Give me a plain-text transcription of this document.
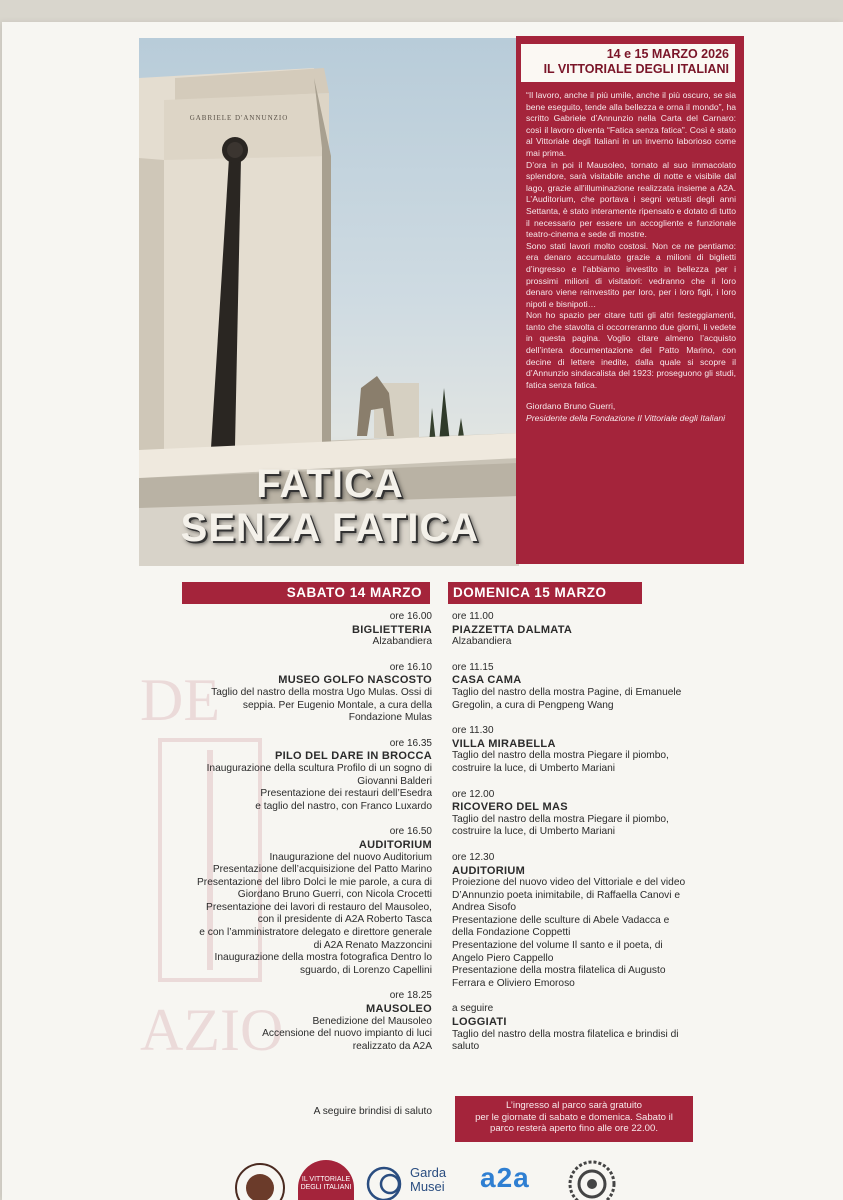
GABRIELE D'ANNUNZIO
FATICA
SENZA FATICA
14 e 15 MARZO 2026
IL VITTORIALE DEGLI ITALIANI

“Il lavoro, anche il più umile, anche il più oscuro, se sia bene eseguito, tende alla bellezza e orna il mondo”, ha scritto Gabriele d’Annunzio nella Carta del Carnaro: così il lavoro diventa “Fatica senza fatica”. Così è stato al Vittoriale degli Italiani in un inverno laborioso come mai prima.

D’ora in poi il Mausoleo, tornato al suo immacolato splendore, sarà visitabile anche di notte e visibile dal lago, grazie all’illuminazione realizzata insieme a A2A. L’Auditorium, che portava i segni vetusti degli anni Settanta, è stato interamente ripensato e dotato di tutto il necessario per essere un accogliente e funzionale teatro-cinema e sede di mostre.

Sono stati lavori molto costosi. Non ce ne pentiamo: era denaro accumulato grazie a milioni di biglietti d’ingresso e l’abbiamo investito in bellezza per i prossimi milioni di visitatori: vedranno che il loro denaro viene reinvestito per loro, per i loro figli, i loro nipoti e bisnipoti…

Non ho spazio per citare tutti gli altri festeggiamenti, tanto che stavolta ci occorreranno due giorni, li vedete in questa pagina. Voglio citare almeno l’acquisto dell’intera documentazione del Patto Marino, con decine di lettere inedite, dalla quale si scopre il d’Annunzio sindacalista del 1923: proseguono gli studi, fatica senza fatica.

Giordano Bruno Guerri,

Presidente della Fondazione Il Vittoriale degli Italiani

DE
AZIO
SABATO 14 MARZO	DOMENICA 15 MARZO
ore 16.00
BIGLIETTERIA
Alzabandiera
ore 16.10
MUSEO GOLFO NASCOSTO
Taglio del nastro della mostra Ugo Mulas. Ossi di
seppia. Per Eugenio Montale, a cura della
Fondazione Mulas
ore 16.35
PILO DEL DARE IN BROCCA
Inaugurazione della scultura Profilo di un sogno di
Giovanni Balderi
Presentazione dei restauri dell’Esedra
e taglio del nastro, con Franco Luxardo
ore 16.50
AUDITORIUM
Inaugurazione del nuovo Auditorium
Presentazione dell’acquisizione del Patto Marino
Presentazione del libro Dolci le mie parole, a cura di
Giordano Bruno Guerri, con Nicola Crocetti
Presentazione dei lavori di restauro del Mausoleo,
con il presidente di A2A Roberto Tasca
e con l’amministratore delegato e direttore generale
di A2A Renato Mazzoncini
Inaugurazione della mostra fotografica Dentro lo
sguardo, di Lorenzo Capellini
ore 18.25
MAUSOLEO
Benedizione del Mausoleo
Accensione del nuovo impianto di luci
realizzato da A2A
ore 11.00
PIAZZETTA DALMATA
Alzabandiera
ore 11.15
CASA CAMA
Taglio del nastro della mostra Pagine, di Emanuele
Gregolin, a cura di Pengpeng Wang
ore 11.30
VILLA MIRABELLA
Taglio del nastro della mostra Piegare il piombo,
costruire la luce, di Umberto Mariani
ore 12.00
RICOVERO DEL MAS
Taglio del nastro della mostra Piegare il piombo,
costruire la luce, di Umberto Mariani
ore 12.30
AUDITORIUM
Proiezione del nuovo video del Vittoriale e del video
D’Annunzio poeta inimitabile, di Raffaella Canovi e
Andrea Sisofo
Presentazione delle sculture di Abele Vadacca e
della Fondazione Coppetti
Presentazione del volume Il santo e il poeta, di
Angelo Piero Cappello
Presentazione della mostra filatelica di Augusto
Ferrara e Oliviero Emoroso
a seguire
LOGGIATI
Taglio del nastro della mostra filatelica e brindisi di
saluto
A seguire brindisi di saluto
L’ingresso al parco sarà gratuito
per le giornate di sabato e domenica. Sabato il
parco resterà aperto fino alle ore 22.00.
IL VITTORIALE
DEGLI ITALIANI
Garda
Musei a2a
